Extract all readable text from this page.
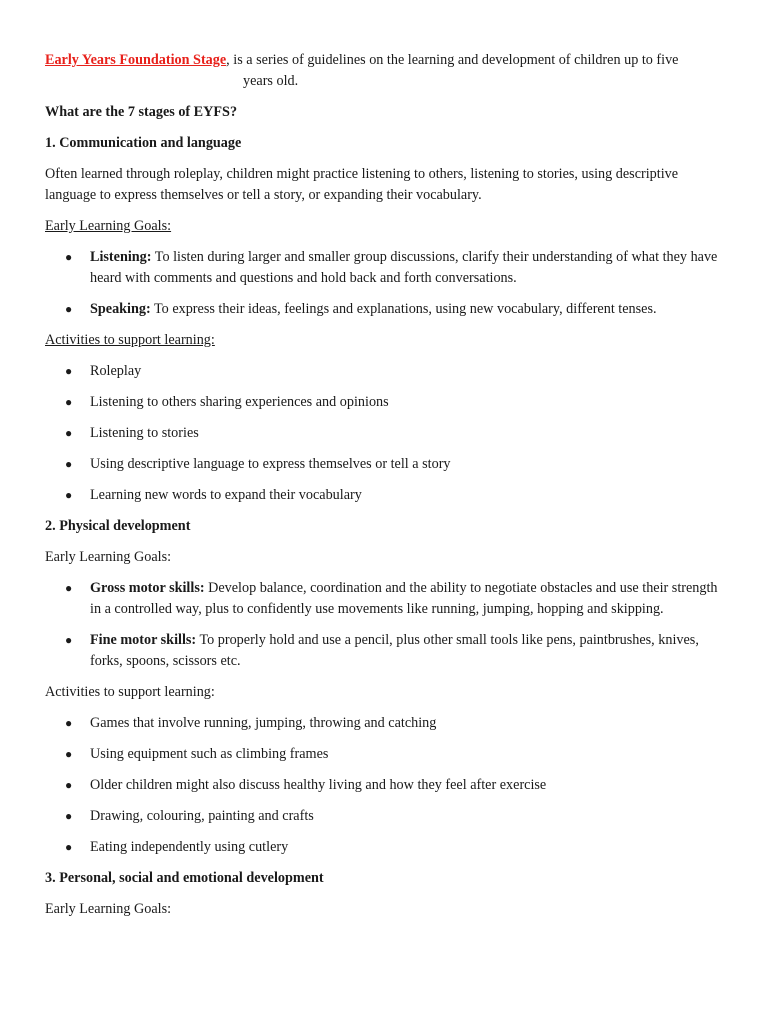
Early Years Foundation Stage, is a series of guidelines on the learning and development of children up to five
years old.

What are the 7 stages of EYFS?

1. Communication and language

Often learned through roleplay, children might practice listening to others, listening to stories, using descriptive language to express themselves or tell a story, or expanding their vocabulary.

Early Learning Goals:

● Listening: To listen during larger and smaller group discussions, clarify their understanding of what they have heard with comments and questions and hold back and forth conversations.
● Speaking: To express their ideas, feelings and explanations, using new vocabulary, different tenses.

Activities to support learning:

● Roleplay
● Listening to others sharing experiences and opinions
● Listening to stories
● Using descriptive language to express themselves or tell a story
● Learning new words to expand their vocabulary

2. Physical development

Early Learning Goals:

● Gross motor skills: Develop balance, coordination and the ability to negotiate obstacles and use their strength in a controlled way, plus to confidently use movements like running, jumping, hopping and skipping.
● Fine motor skills: To properly hold and use a pencil, plus other small tools like pens, paintbrushes, knives, forks, spoons, scissors etc.

Activities to support learning:

● Games that involve running, jumping, throwing and catching
● Using equipment such as climbing frames
● Older children might also discuss healthy living and how they feel after exercise
● Drawing, colouring, painting and crafts
● Eating independently using cutlery

3. Personal, social and emotional development

Early Learning Goals:
